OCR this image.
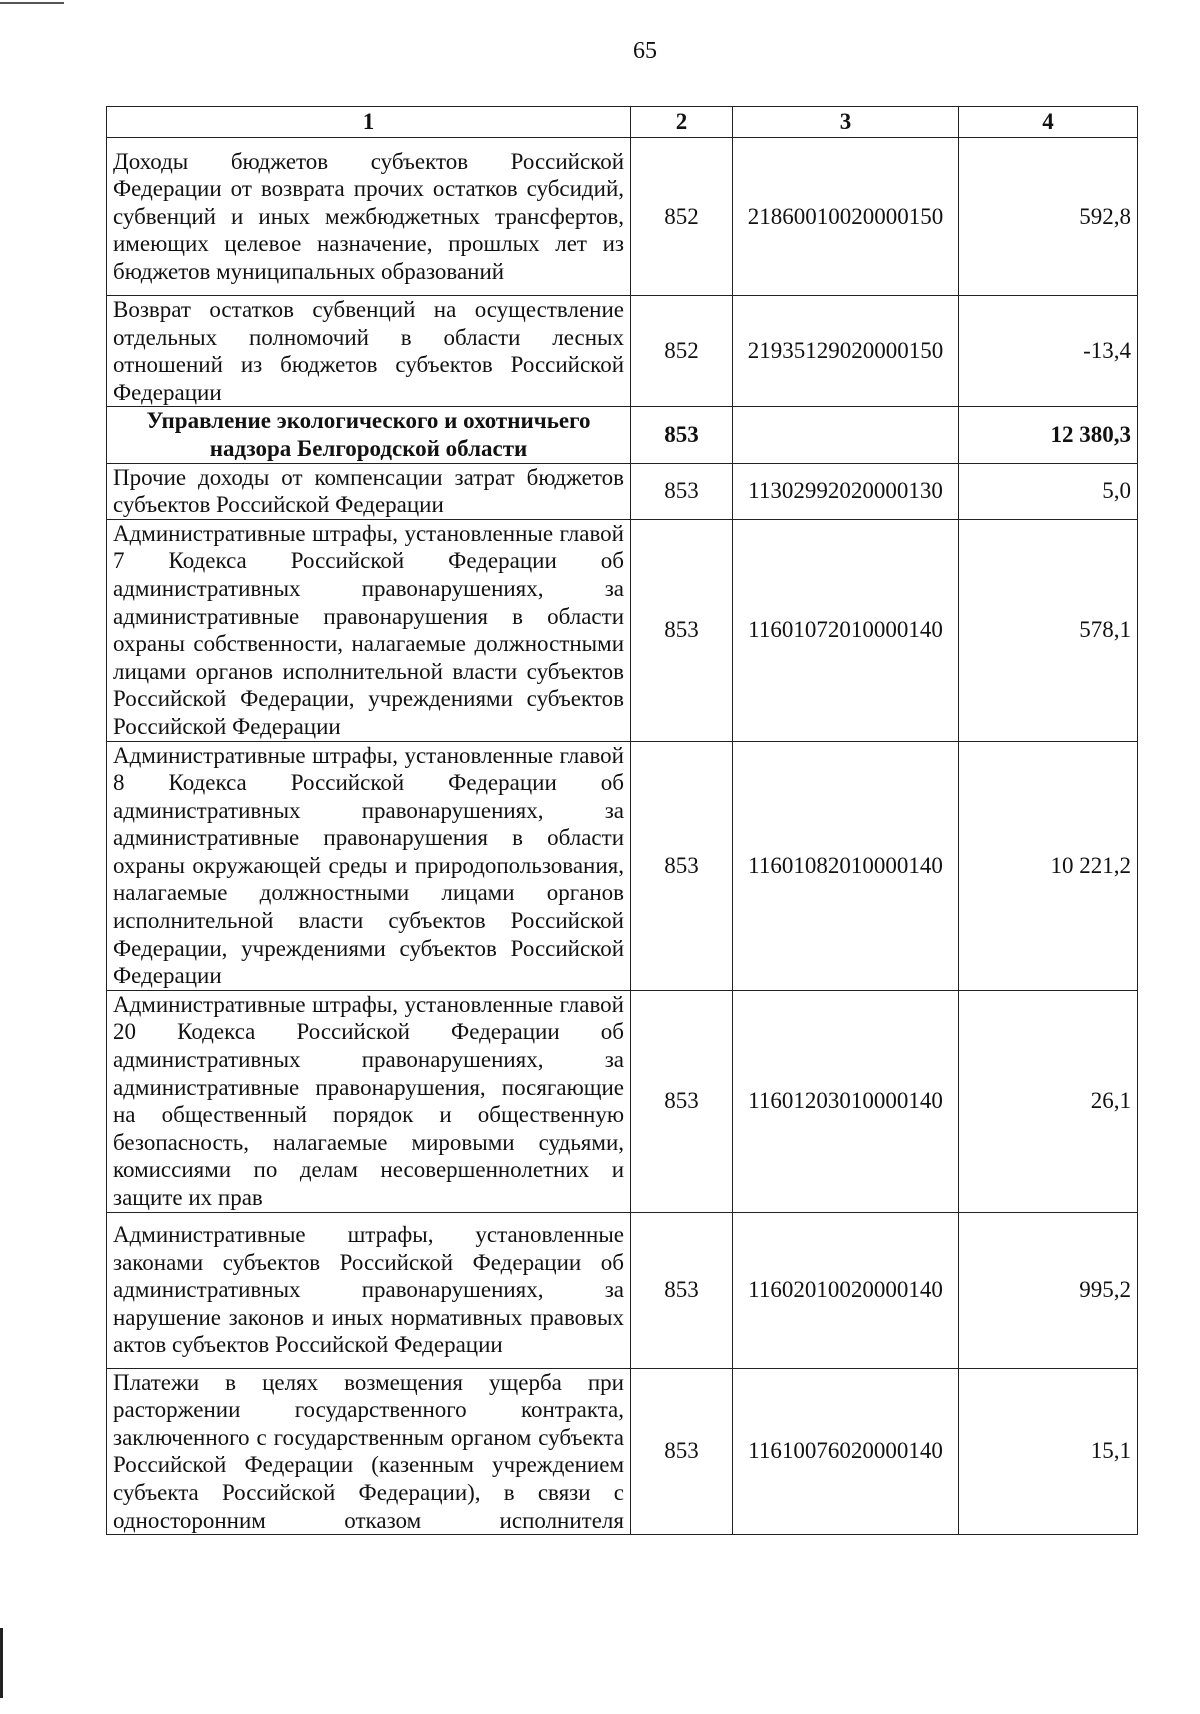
65
1	2	3	4
Доходы бюджетов субъектов Российской Федерации от возврата прочих остатков субсидий, субвенций и иных межбюджетных трансфертов, имеющих целевое назначение, прошлых лет из бюджетов муниципальных образований	852	21860010020000150	592,8
Возврат остатков субвенций на осуществление отдельных полномочий в области лесных отношений из бюджетов субъектов Российской Федерации	852	21935129020000150	-13,4
Управление экологического и охотничьего надзора Белгородской области	853		12 380,3
Прочие доходы от компенсации затрат бюджетов субъектов Российской Федерации	853	11302992020000130	5,0
Административные штрафы, установленные главой 7 Кодекса Российской Федерации об административных правонарушениях, за административные правонарушения в области охраны собственности, налагаемые должностными лицами органов исполнительной власти субъектов Российской Федерации, учреждениями субъектов Российской Федерации	853	11601072010000140	578,1
Административные штрафы, установленные главой 8 Кодекса Российской Федерации об административных правонарушениях, за административные правонарушения в области охраны окружающей среды и природопользования, налагаемые должностными лицами органов исполнительной власти субъектов Российской Федерации, учреждениями субъектов Российской Федерации	853	11601082010000140	10 221,2
Административные штрафы, установленные главой 20 Кодекса Российской Федерации об административных правонарушениях, за административные правонарушения, посягающие на общественный порядок и общественную безопасность, налагаемые мировыми судьями, комиссиями по делам несовершеннолетних и защите их прав	853	11601203010000140	26,1
Административные штрафы, установленные законами субъектов Российской Федерации об административных правонарушениях, за нарушение законов и иных нормативных правовых актов субъектов Российской Федерации	853	11602010020000140	995,2
Платежи в целях возмещения ущерба при расторжении государственного контракта, заключенного с государственным органом субъекта Российской Федерации (казенным учреждением субъекта Российской Федерации), в связи с односторонним отказом исполнителя	853	11610076020000140	15,1
